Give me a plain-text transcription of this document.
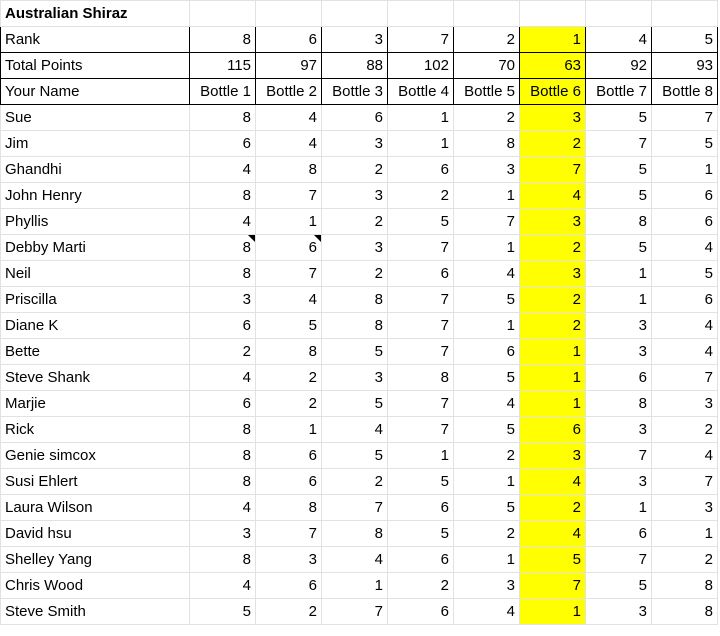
Australian Shiraz								
Rank	8	6	3	7	2	1	4	5
Total Points	115	97	88	102	70	63	92	93
Your Name	Bottle 1	Bottle 2	Bottle 3	Bottle 4	Bottle 5	Bottle 6	Bottle 7	Bottle 8
Sue	8	4	6	1	2	3	5	7
Jim	6	4	3	1	8	2	7	5
Ghandhi	4	8	2	6	3	7	5	1
John Henry	8	7	3	2	1	4	5	6
Phyllis	4	1	2	5	7	3	8	6
Debby Marti	8	6	3	7	1	2	5	4
Neil	8	7	2	6	4	3	1	5
Priscilla	3	4	8	7	5	2	1	6
Diane K	6	5	8	7	1	2	3	4
Bette	2	8	5	7	6	1	3	4
Steve Shank	4	2	3	8	5	1	6	7
Marjie	6	2	5	7	4	1	8	3
Rick	8	1	4	7	5	6	3	2
Genie simcox	8	6	5	1	2	3	7	4
Susi Ehlert	8	6	2	5	1	4	3	7
Laura Wilson	4	8	7	6	5	2	1	3
David hsu	3	7	8	5	2	4	6	1
Shelley Yang	8	3	4	6	1	5	7	2
Chris Wood	4	6	1	2	3	7	5	8
Steve Smith	5	2	7	6	4	1	3	8
